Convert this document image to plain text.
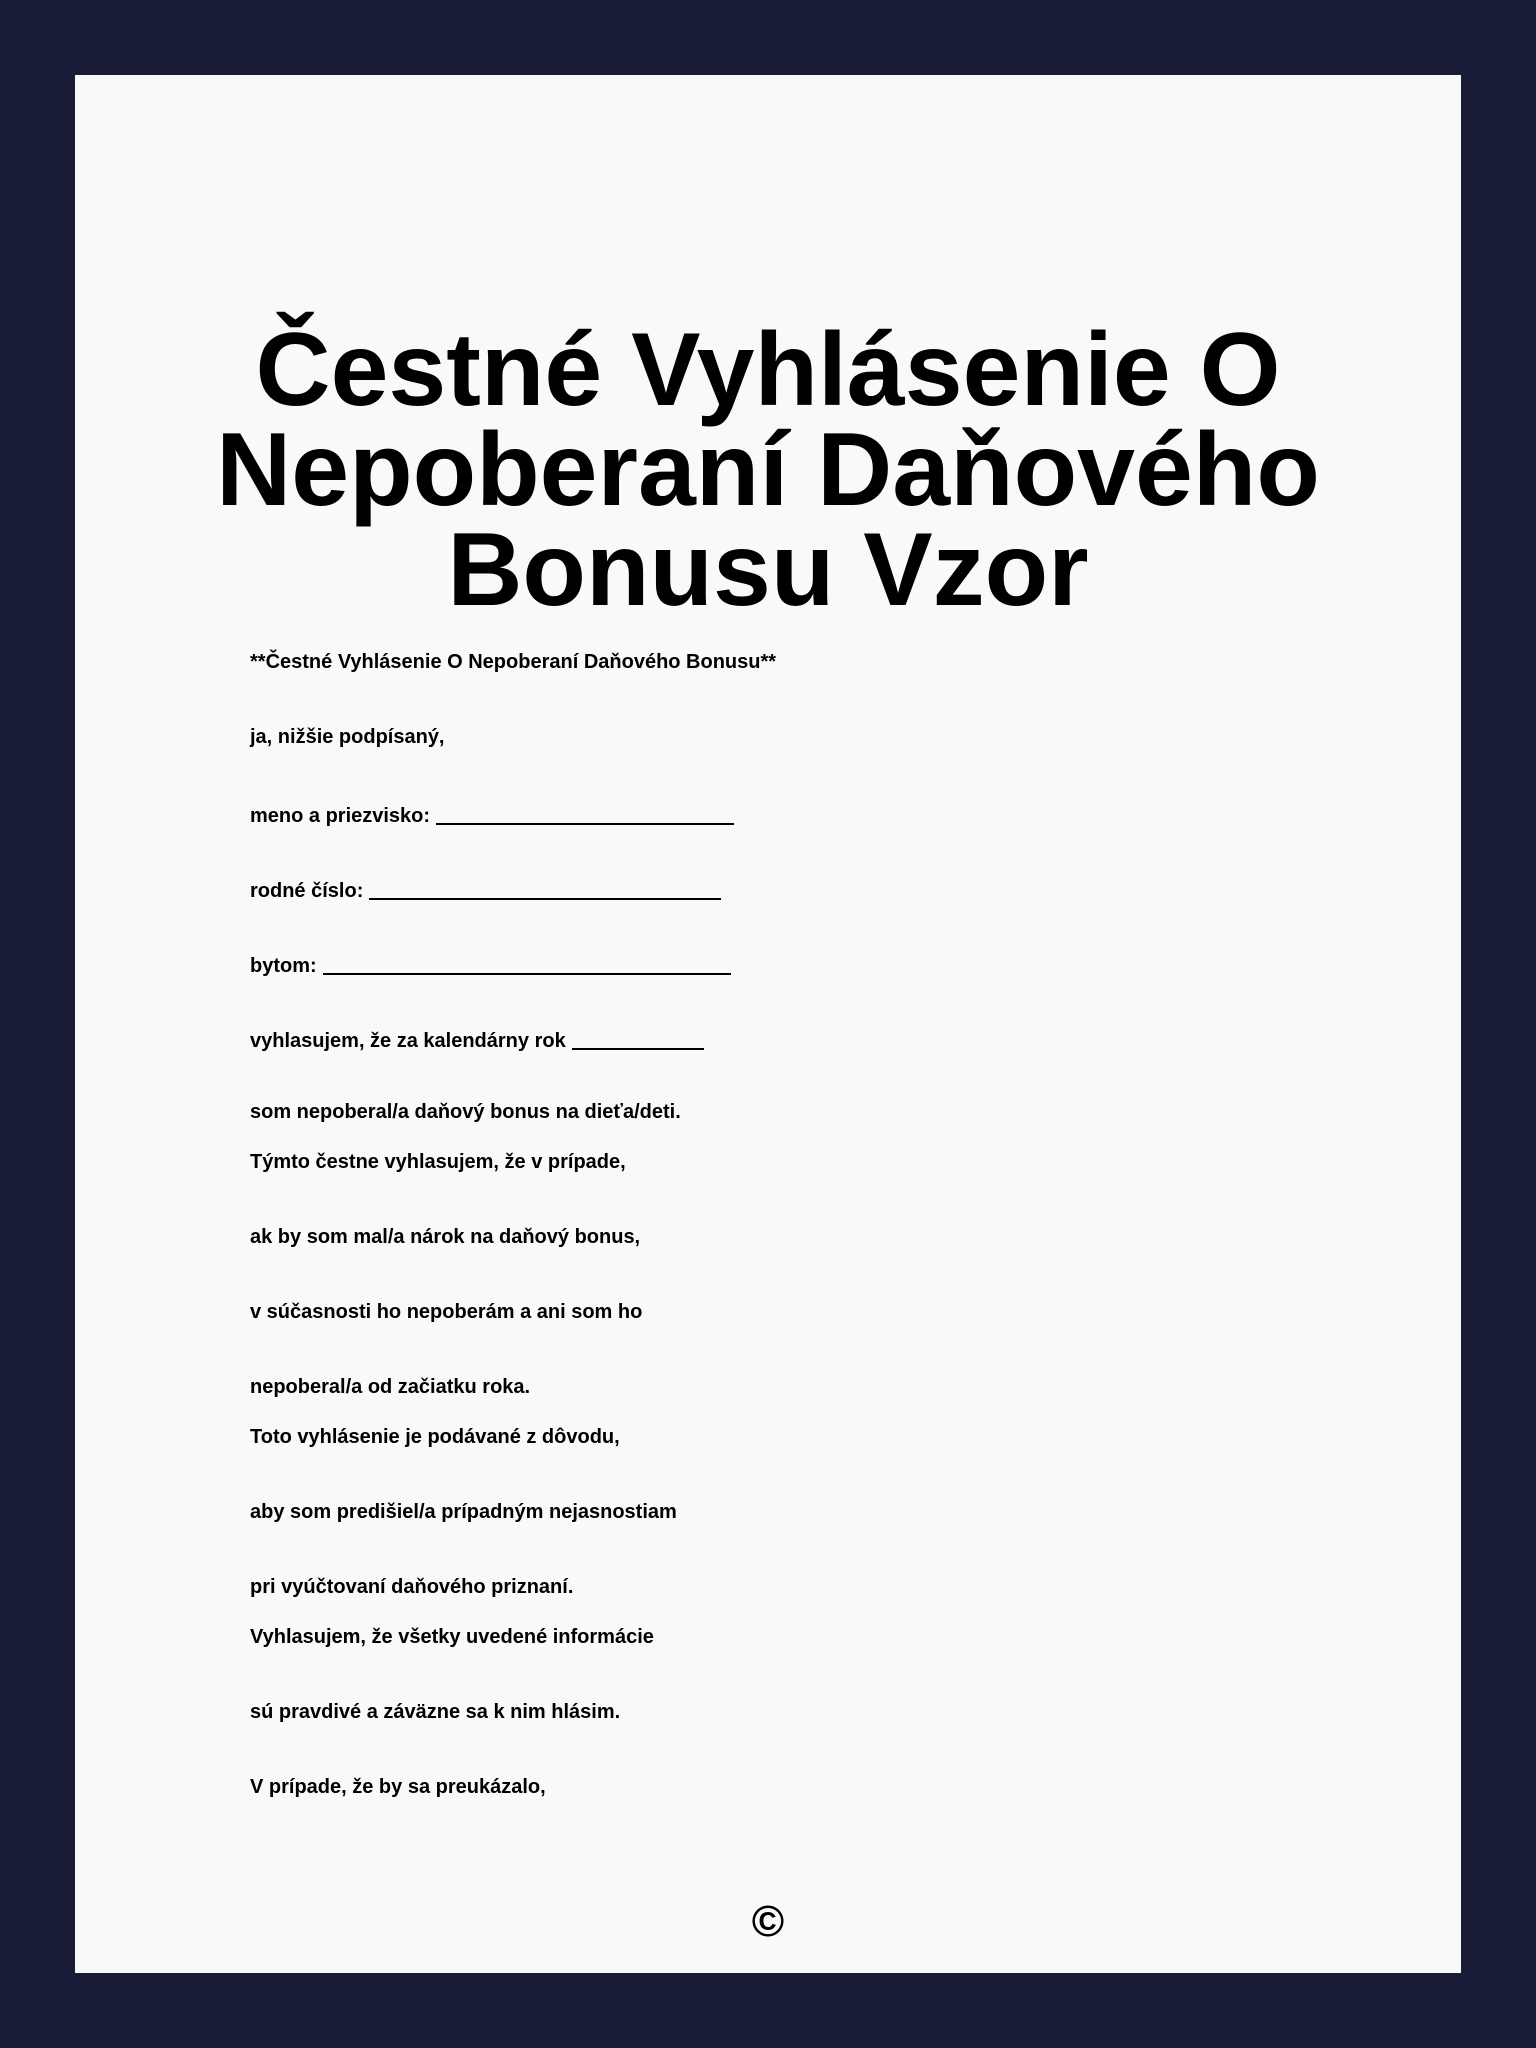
Čestné Vyhlásenie O
Nepoberaní Daňového
Bonusu Vzor
**Čestné Vyhlásenie O Nepoberaní Daňového Bonusu**
ja, nižšie podpísaný,
meno a priezvisko:
rodné číslo:
bytom:
vyhlasujem, že za kalendárny rok
som nepoberal/a daňový bonus na dieťa/deti.
Týmto čestne vyhlasujem, že v prípade,
ak by som mal/a nárok na daňový bonus,
v súčasnosti ho nepoberám a ani som ho
nepoberal/a od začiatku roka.
Toto vyhlásenie je podávané z dôvodu,
aby som predišiel/a prípadným nejasnostiam
pri vyúčtovaní daňového priznaní.
Vyhlasujem, že všetky uvedené informácie
sú pravdivé a záväzne sa k nim hlásim.
V prípade, že by sa preukázalo,
©
